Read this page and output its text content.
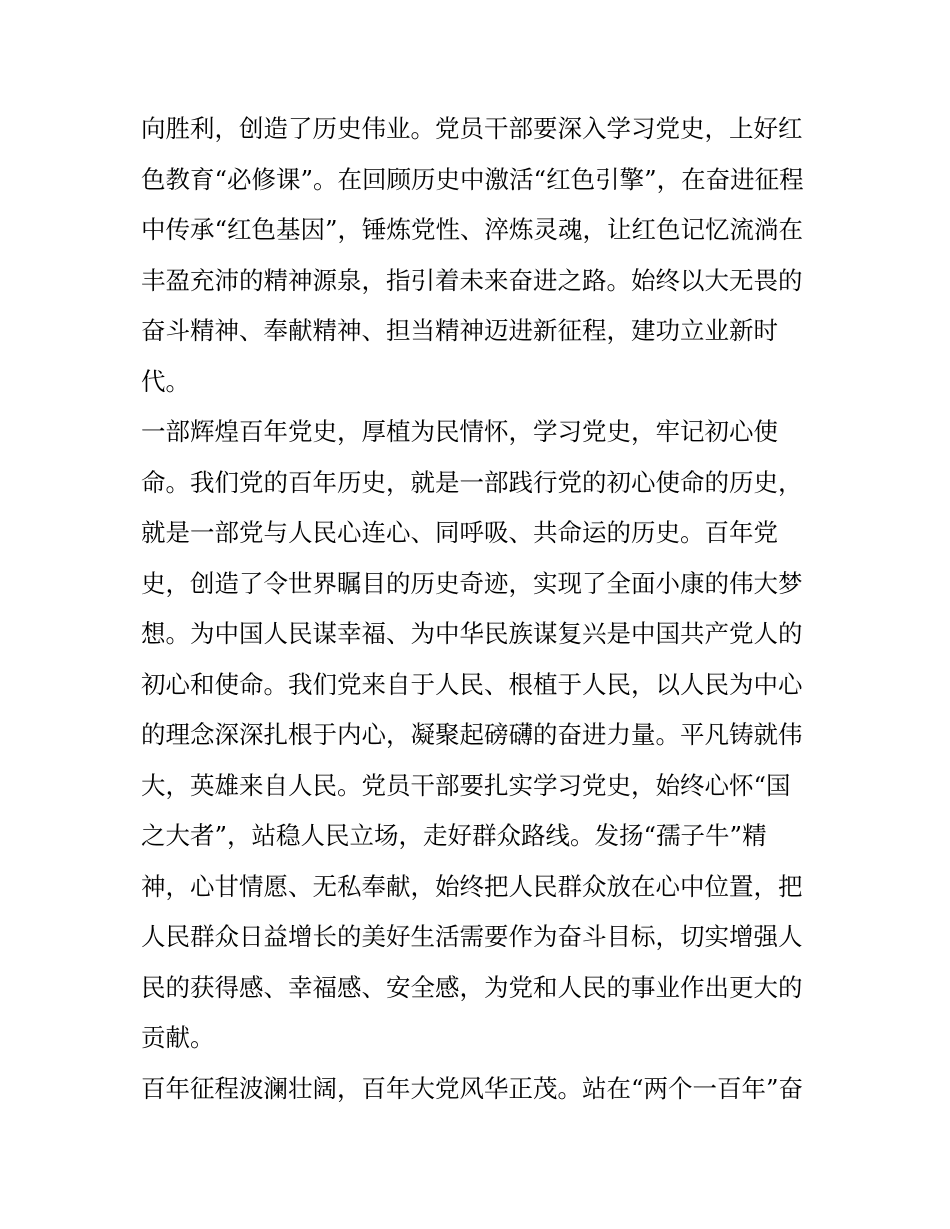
向胜利，创造了历史伟业。党员干部要深入学习党史，上好红
色教育“必修课”。在回顾历史中激活“红色引擎”，在奋进征程
中传承“红色基因”，锤炼党性、淬炼灵魂，让红色记忆流淌在
丰盈充沛的精神源泉，指引着未来奋进之路。始终以大无畏的
奋斗精神、奉献精神、担当精神迈进新征程，建功立业新时
代。
一部辉煌百年党史，厚植为民情怀，学习党史，牢记初心使
命。我们党的百年历史，就是一部践行党的初心使命的历史，
就是一部党与人民心连心、同呼吸、共命运的历史。百年党
史，创造了令世界瞩目的历史奇迹，实现了全面小康的伟大梦
想。为中国人民谋幸福、为中华民族谋复兴是中国共产党人的
初心和使命。我们党来自于人民、根植于人民，以人民为中心
的理念深深扎根于内心，凝聚起磅礴的奋进力量。平凡铸就伟
大，英雄来自人民。党员干部要扎实学习党史，始终心怀“国
之大者”，站稳人民立场，走好群众路线。发扬“孺子牛”精
神，心甘情愿、无私奉献，始终把人民群众放在心中位置，把
人民群众日益增长的美好生活需要作为奋斗目标，切实增强人
民的获得感、幸福感、安全感，为党和人民的事业作出更大的
贡献。
百年征程波澜壮阔，百年大党风华正茂。站在“两个一百年”奋
